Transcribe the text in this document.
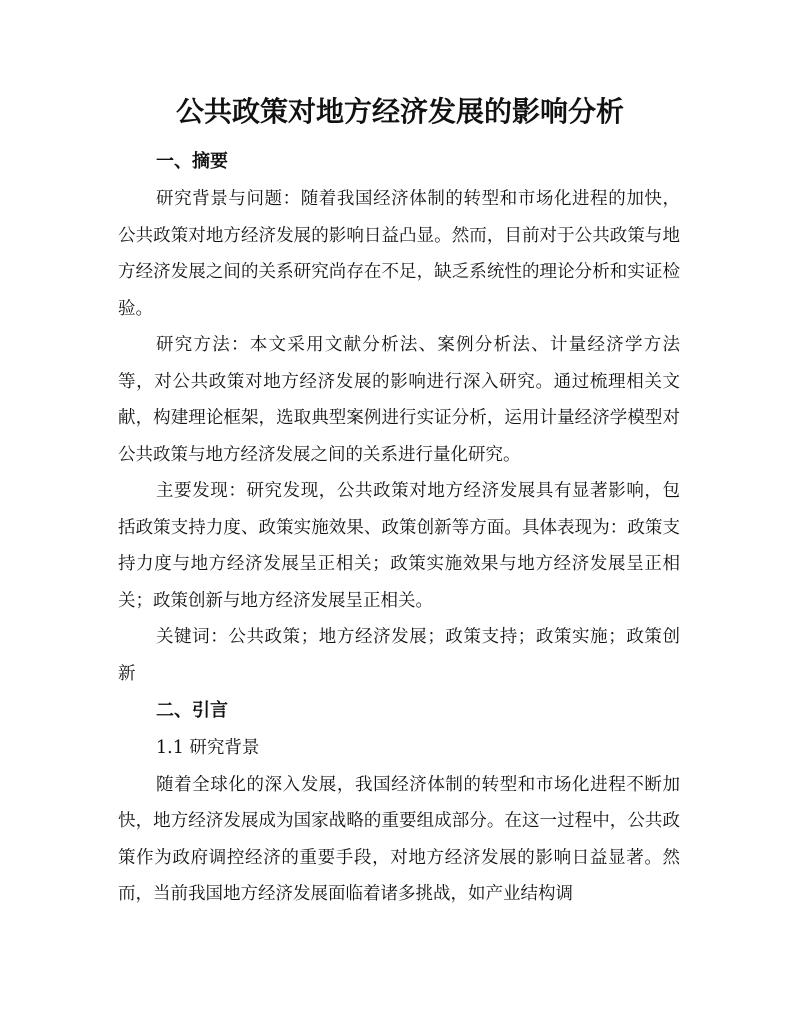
公共政策对地方经济发展的影响分析
一、摘要

研究背景与问题：随着我国经济体制的转型和市场化进程的加快，公共政策对地方经济发展的影响日益凸显。然而，目前对于公共政策与地方经济发展之间的关系研究尚存在不足，缺乏系统性的理论分析和实证检验。

研究方法：本文采用文献分析法、案例分析法、计量经济学方法等，对公共政策对地方经济发展的影响进行深入研究。通过梳理相关文献，构建理论框架，选取典型案例进行实证分析，运用计量经济学模型对公共政策与地方经济发展之间的关系进行量化研究。

主要发现：研究发现，公共政策对地方经济发展具有显著影响，包括政策支持力度、政策实施效果、政策创新等方面。具体表现为：政策支持力度与地方经济发展呈正相关；政策实施效果与地方经济发展呈正相关；政策创新与地方经济发展呈正相关。

关键词：公共政策；地方经济发展；政策支持；政策实施；政策创新

二、引言
1.1 研究背景

随着全球化的深入发展，我国经济体制的转型和市场化进程不断加快，地方经济发展成为国家战略的重要组成部分。在这一过程中，公共政策作为政府调控经济的重要手段，对地方经济发展的影响日益显著。然而，当前我国地方经济发展面临着诸多挑战，如产业结构调
